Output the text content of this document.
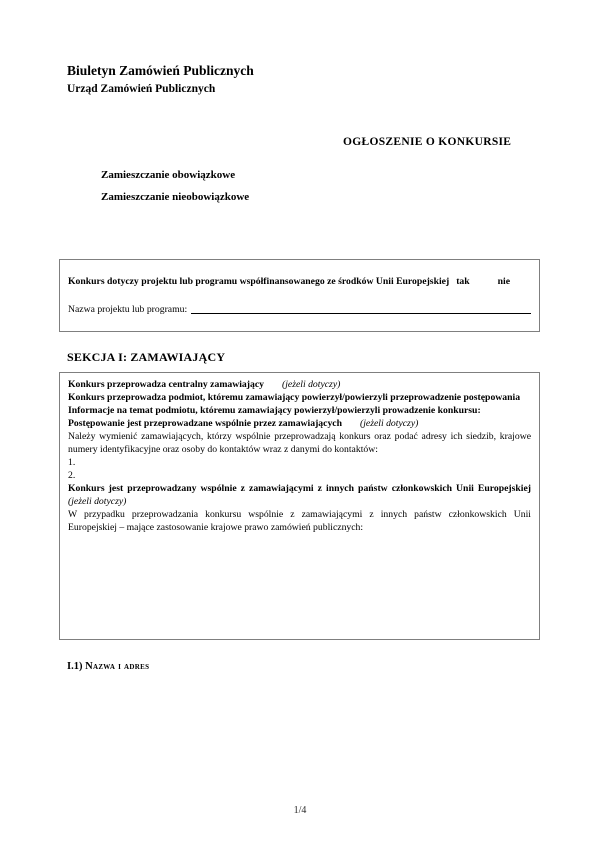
Biuletyn Zamówień Publicznych
Urząd Zamówień Publicznych
OGŁOSZENIE O KONKURSIE
Zamieszczanie obowiązkowe
Zamieszczanie nieobowiązkowe
Konkurs dotyczy projektu lub programu współfinansowanego ze środków Unii Europejskiej tak	nie
Nazwa projektu lub programu:
SEKCJA I: ZAMAWIAJĄCY

Konkurs przeprowadza centralny zamawiający (jeżeli dotyczy)

Konkurs przeprowadza podmiot, któremu zamawiający powierzył/powierzyli przeprowadzenie postępowania

Informacje na temat podmiotu, któremu zamawiający powierzył/powierzyli prowadzenie konkursu:

Postępowanie jest przeprowadzane wspólnie przez zamawiających (jeżeli dotyczy)

Należy wymienić zamawiających, którzy wspólnie przeprowadzają konkurs oraz podać adresy ich siedzib, krajowe numery identyfikacyjne oraz osoby do kontaktów wraz z danymi do kontaktów:

1.

2.

Konkurs jest przeprowadzany wspólnie z zamawiającymi z innych państw członkowskich Unii Europejskiej (jeżeli dotyczy)

W przypadku przeprowadzania konkursu wspólnie z zamawiającymi z innych państw członkowskich Unii Europejskiej – mające zastosowanie krajowe prawo zamówień publicznych:

I.1) Nazwa i adres
1/4
